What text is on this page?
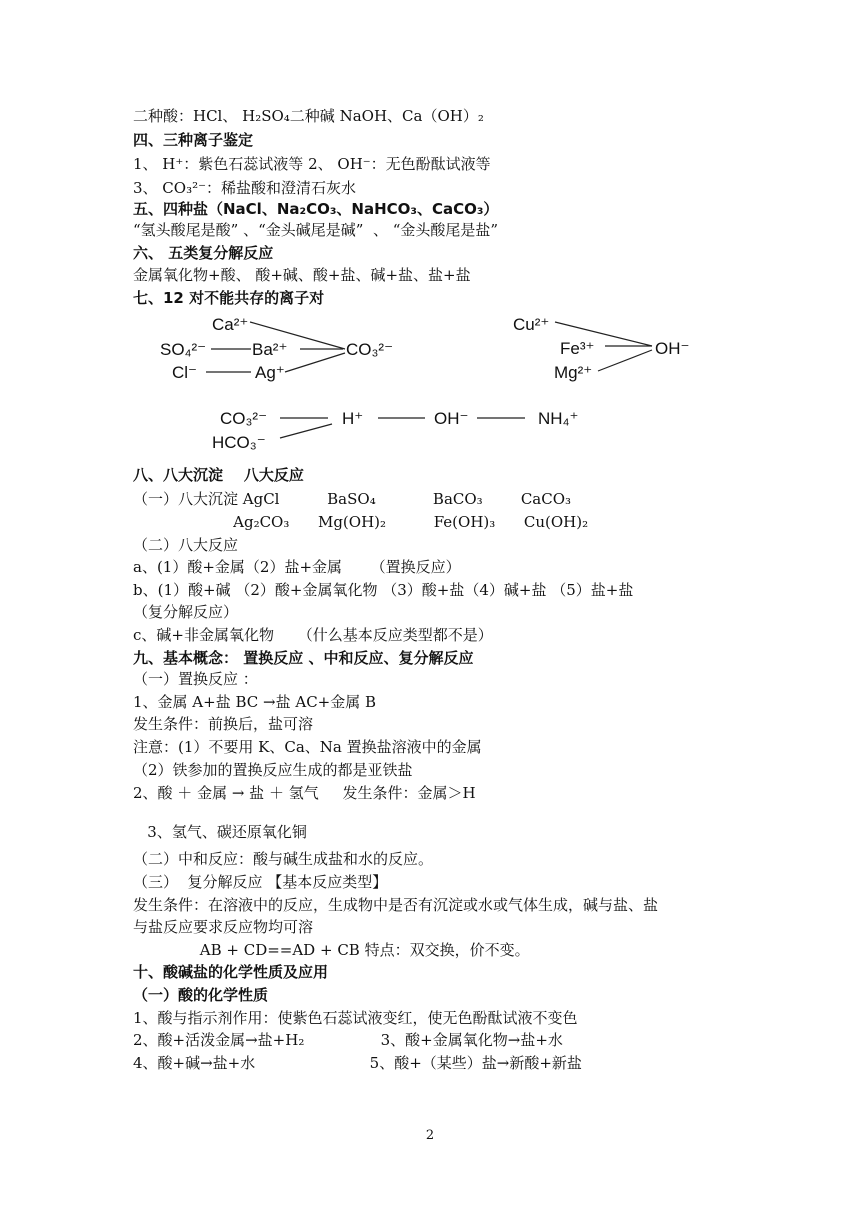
二种酸：HCl、 H₂SO₄二种碱 NaOH、Ca（OH）₂
四、三种离子鉴定
1、 H⁺：紫色石蕊试液等 2、 OH⁻：无色酚酞试液等
3、 CO₃²⁻：稀盐酸和澄清石灰水
五、四种盐（NaCl、Na₂CO₃、NaHCO₃、CaCO₃）
“氢头酸尾是酸” 、“金头碱尾是碱”  、 “金头酸尾是盐”
六、 五类复分解反应
金属氧化物+酸、 酸+碱、酸+盐、碱+盐、盐+盐
七、12 对不能共存的离子对
Ca²⁺
SO₄²⁻	Ba²⁺	CO₃²⁻
Cl⁻	Ag⁺
Cu²⁺
Fe³⁺	OH⁻
Mg²⁺
CO₃²⁻	H⁺	OH⁻	NH₄⁺
HCO₃⁻
八、八大沉淀    八大反应
（一）八大沉淀 AgCl          BaSO₄            BaCO₃        CaCO₃
Ag₂CO₃      Mg(OH)₂          Fe(OH)₃      Cu(OH)₂
（二）八大反应
a、(1）酸+金属（2）盐+金属      （置换反应）
b、(1）酸+碱 （2）酸+金属氧化物 （3）酸+盐（4）碱+盐 （5）盐+盐
（复分解反应）
c、碱+非金属氧化物     （什么基本反应类型都不是）
九、基本概念： 置换反应 、中和反应、复分解反应
（一）置换反应 ：
1、金属 A+盐 BC →盐 AC+金属 B
发生条件：前换后，盐可溶
注意：(1）不要用 K、Ca、Na 置换盐溶液中的金属
（2）铁参加的置换反应生成的都是亚铁盐
2、酸 ＋ 金属 → 盐 ＋ 氢气     发生条件：金属＞H
3、氢气、碳还原氧化铜
（二）中和反应：酸与碱生成盐和水的反应。
（三）  复分解反应 【基本反应类型】
发生条件：在溶液中的反应，生成物中是否有沉淀或水或气体生成，碱与盐、盐
与盐反应要求反应物均可溶
AB + CD==AD + CB 特点：双交换，价不变。
十、酸碱盐的化学性质及应用
（一）酸的化学性质
1、酸与指示剂作用：使紫色石蕊试液变红，使无色酚酞试液不变色
2、酸+活泼金属→盐+H₂                3、酸+金属氧化物→盐+水
4、酸+碱→盐+水                        5、酸+（某些）盐→新酸+新盐
2
